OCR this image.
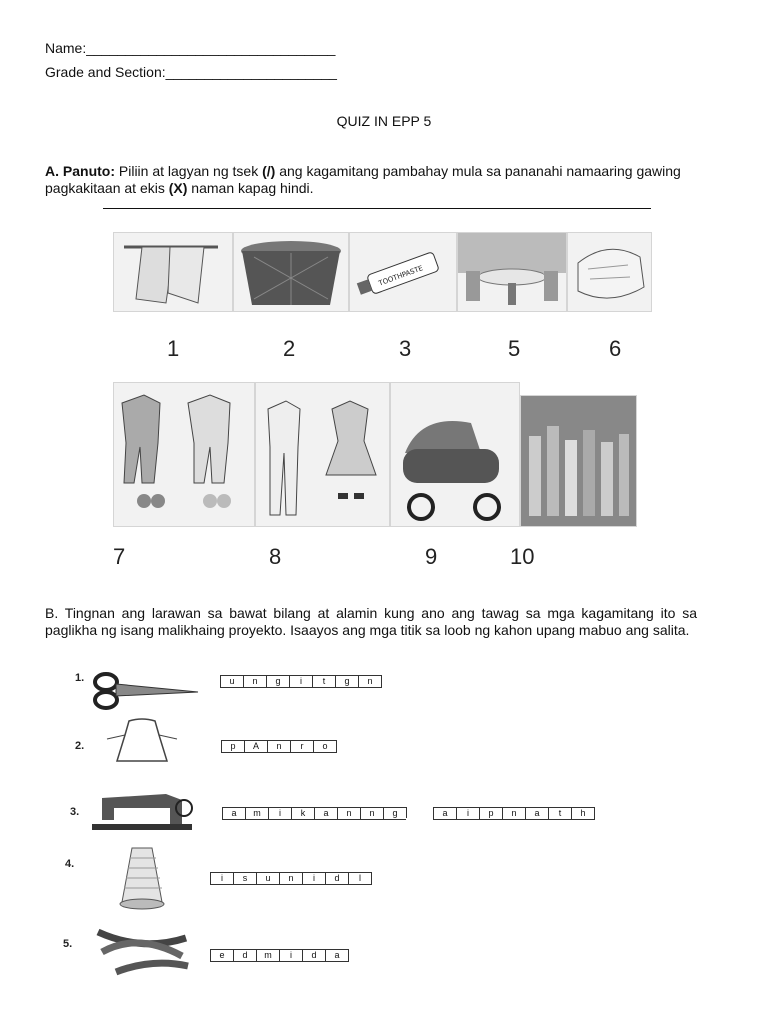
Name:________________________________
Grade and Section:______________________
QUIZ IN EPP 5
A. Panuto: Piliin at lagyan ng tsek (/) ang kagamitang pambahay mula sa pananahi namaaring gawing pagkakitaan at ekis (X) naman kapag hindi.
TOOTHPASTE
1	2	3	5	6
7	8	9	10
B. Tingnan ang larawan sa bawat bilang at alamin kung ano ang tawag sa mga kagamitang ito sa paglikha ng isang malikhaing proyekto. Isaayos ang mga titik sa loob ng kahon upang mabuo ang salita.
1.	u	n	g	i	t	g	n
2.	p	A	n	r	o
3.	a	m	i	k	a	n	n	g	a	i	p	n	a	t	h
4.
i	s	u	n	i	d	l
5.
e	d	m	i	d	a
